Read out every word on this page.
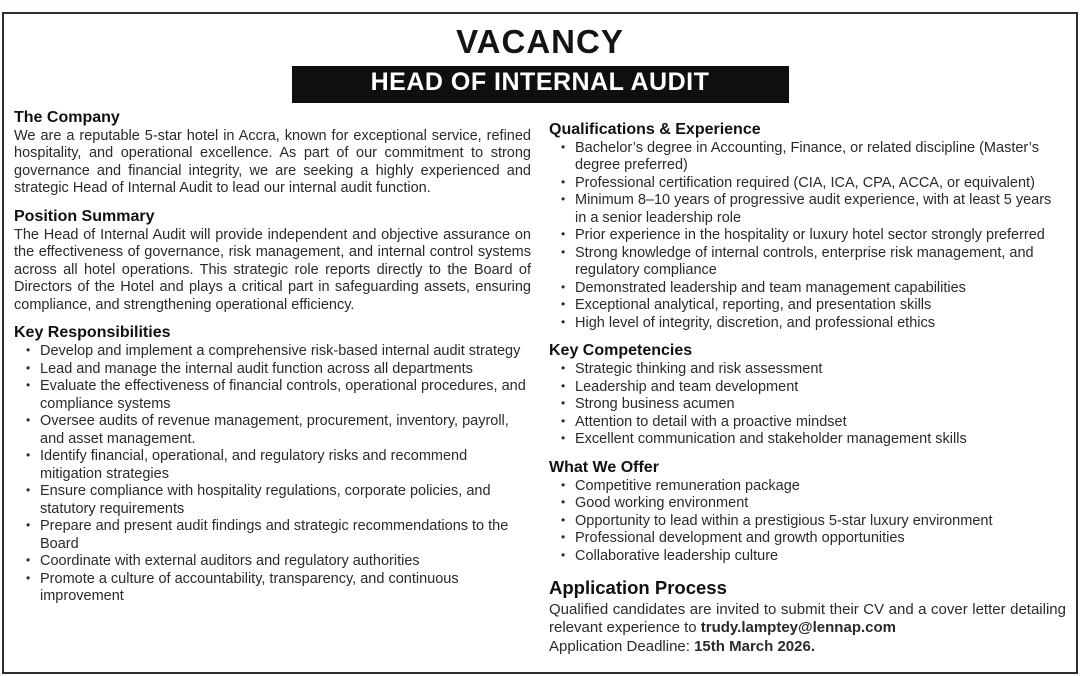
VACANCY
HEAD OF INTERNAL AUDIT
The Company

We are a reputable 5-star hotel in Accra, known for exceptional service, refined hospitality, and operational excellence. As part of our commitment to strong governance and financial integrity, we are seeking a highly experienced and strategic Head of Internal Audit to lead our internal audit function.

Position Summary

The Head of Internal Audit will provide independent and objective assurance on the effectiveness of governance, risk management, and internal control systems across all hotel operations. This strategic role reports directly to the Board of Directors of the Hotel and plays a critical part in safeguarding assets, ensuring compliance, and strengthening operational efficiency.

Key Responsibilities
• Develop and implement a comprehensive risk-based internal audit strategy
• Lead and manage the internal audit function across all departments
• Evaluate the effectiveness of financial controls, operational procedures, and compliance systems
• Oversee audits of revenue management, procurement, inventory, payroll, and asset management.
• Identify financial, operational, and regulatory risks and recommend mitigation strategies
• Ensure compliance with hospitality regulations, corporate policies, and statutory requirements
• Prepare and present audit findings and strategic recommendations to the Board
• Coordinate with external auditors and regulatory authorities
• Promote a culture of accountability, transparency, and continuous improvement
Qualifications & Experience
• Bachelor’s degree in Accounting, Finance, or related discipline (Master’s degree preferred)
• Professional certification required (CIA, ICA, CPA, ACCA, or equivalent)
• Minimum 8–10 years of progressive audit experience, with at least 5 years in a senior leadership role
• Prior experience in the hospitality or luxury hotel sector strongly preferred
• Strong knowledge of internal controls, enterprise risk management, and regulatory compliance
• Demonstrated leadership and team management capabilities
• Exceptional analytical, reporting, and presentation skills
• High level of integrity, discretion, and professional ethics
Key Competencies
• Strategic thinking and risk assessment
• Leadership and team development
• Strong business acumen
• Attention to detail with a proactive mindset
• Excellent communication and stakeholder management skills
What We Offer
• Competitive remuneration package
• Good working environment
• Opportunity to lead within a prestigious 5-star luxury environment
• Professional development and growth opportunities
• Collaborative leadership culture
Application Process

Qualified candidates are invited to submit their CV and a cover letter detailing relevant experience to trudy.lamptey@lennap.com

Application Deadline: 15th March 2026.
